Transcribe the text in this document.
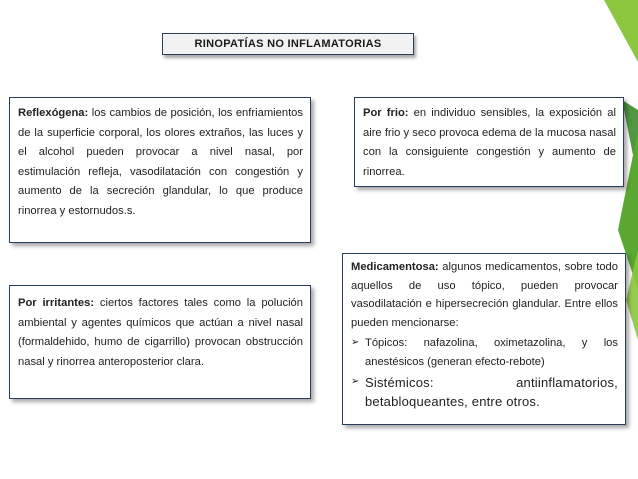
RINOPATÍAS NO INFLAMATORIAS
Reflexógena: los cambios de posición, los enfriamientos de la superficie corporal, los olores extraños, las luces y el alcohol pueden provocar a nivel nasal, por estimulación refleja, vasodilatación con congestión y aumento de la secreción glandular, lo que produce rinorrea y estornudos.s.
Por frio: en individuo sensibles, la exposición al aire frio y seco provoca edema de la mucosa nasal con la consiguiente congestión y aumento de rinorrea.
Por irritantes: ciertos factores tales como la polución ambiental y agentes químicos que actúan a nivel nasal (formaldehido, humo de cigarrillo) provocan obstrucción nasal y rinorrea anteroposterior clara.
Medicamentosa: algunos medicamentos, sobre todo aquellos de uso tópico, pueden provocar vasodilatación e hipersecreción glandular. Entre ellos pueden mencionarse:
➢ Tópicos: nafazolina, oximetazolina, y los anestésicos (generan efecto-rebote)
➢ Sistémicos: antiinflamatorios, betabloqueantes, entre otros.
